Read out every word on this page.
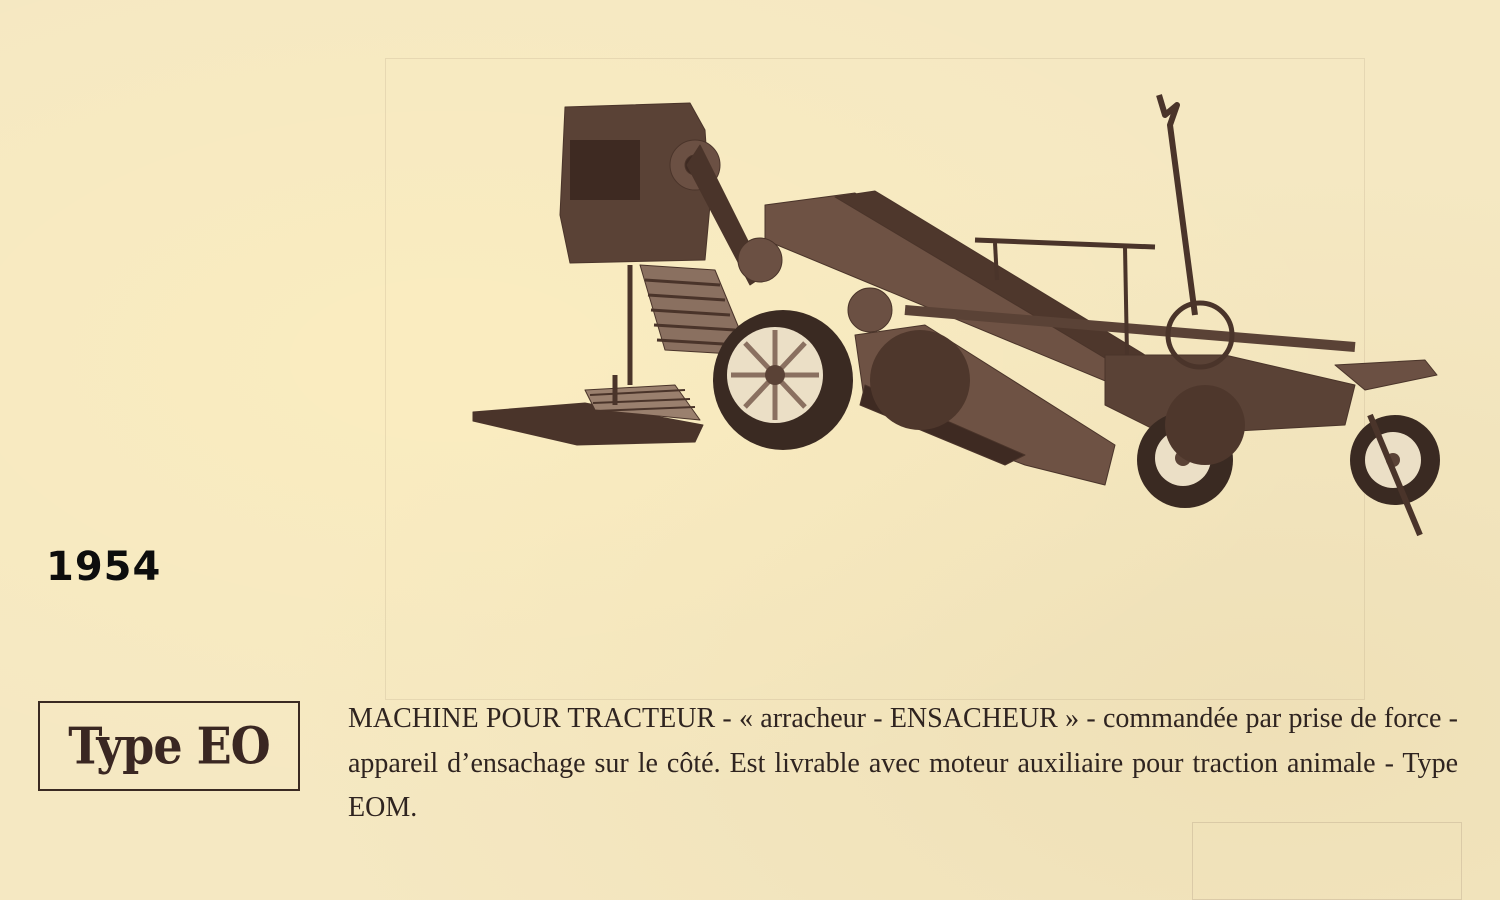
1954
Type EO	MACHINE POUR TRACTEUR - « arracheur - ENSACHEUR » - commandée par prise de force - appareil d’ensachage sur le côté. Est livrable avec moteur auxiliaire pour traction animale - Type EOM.
